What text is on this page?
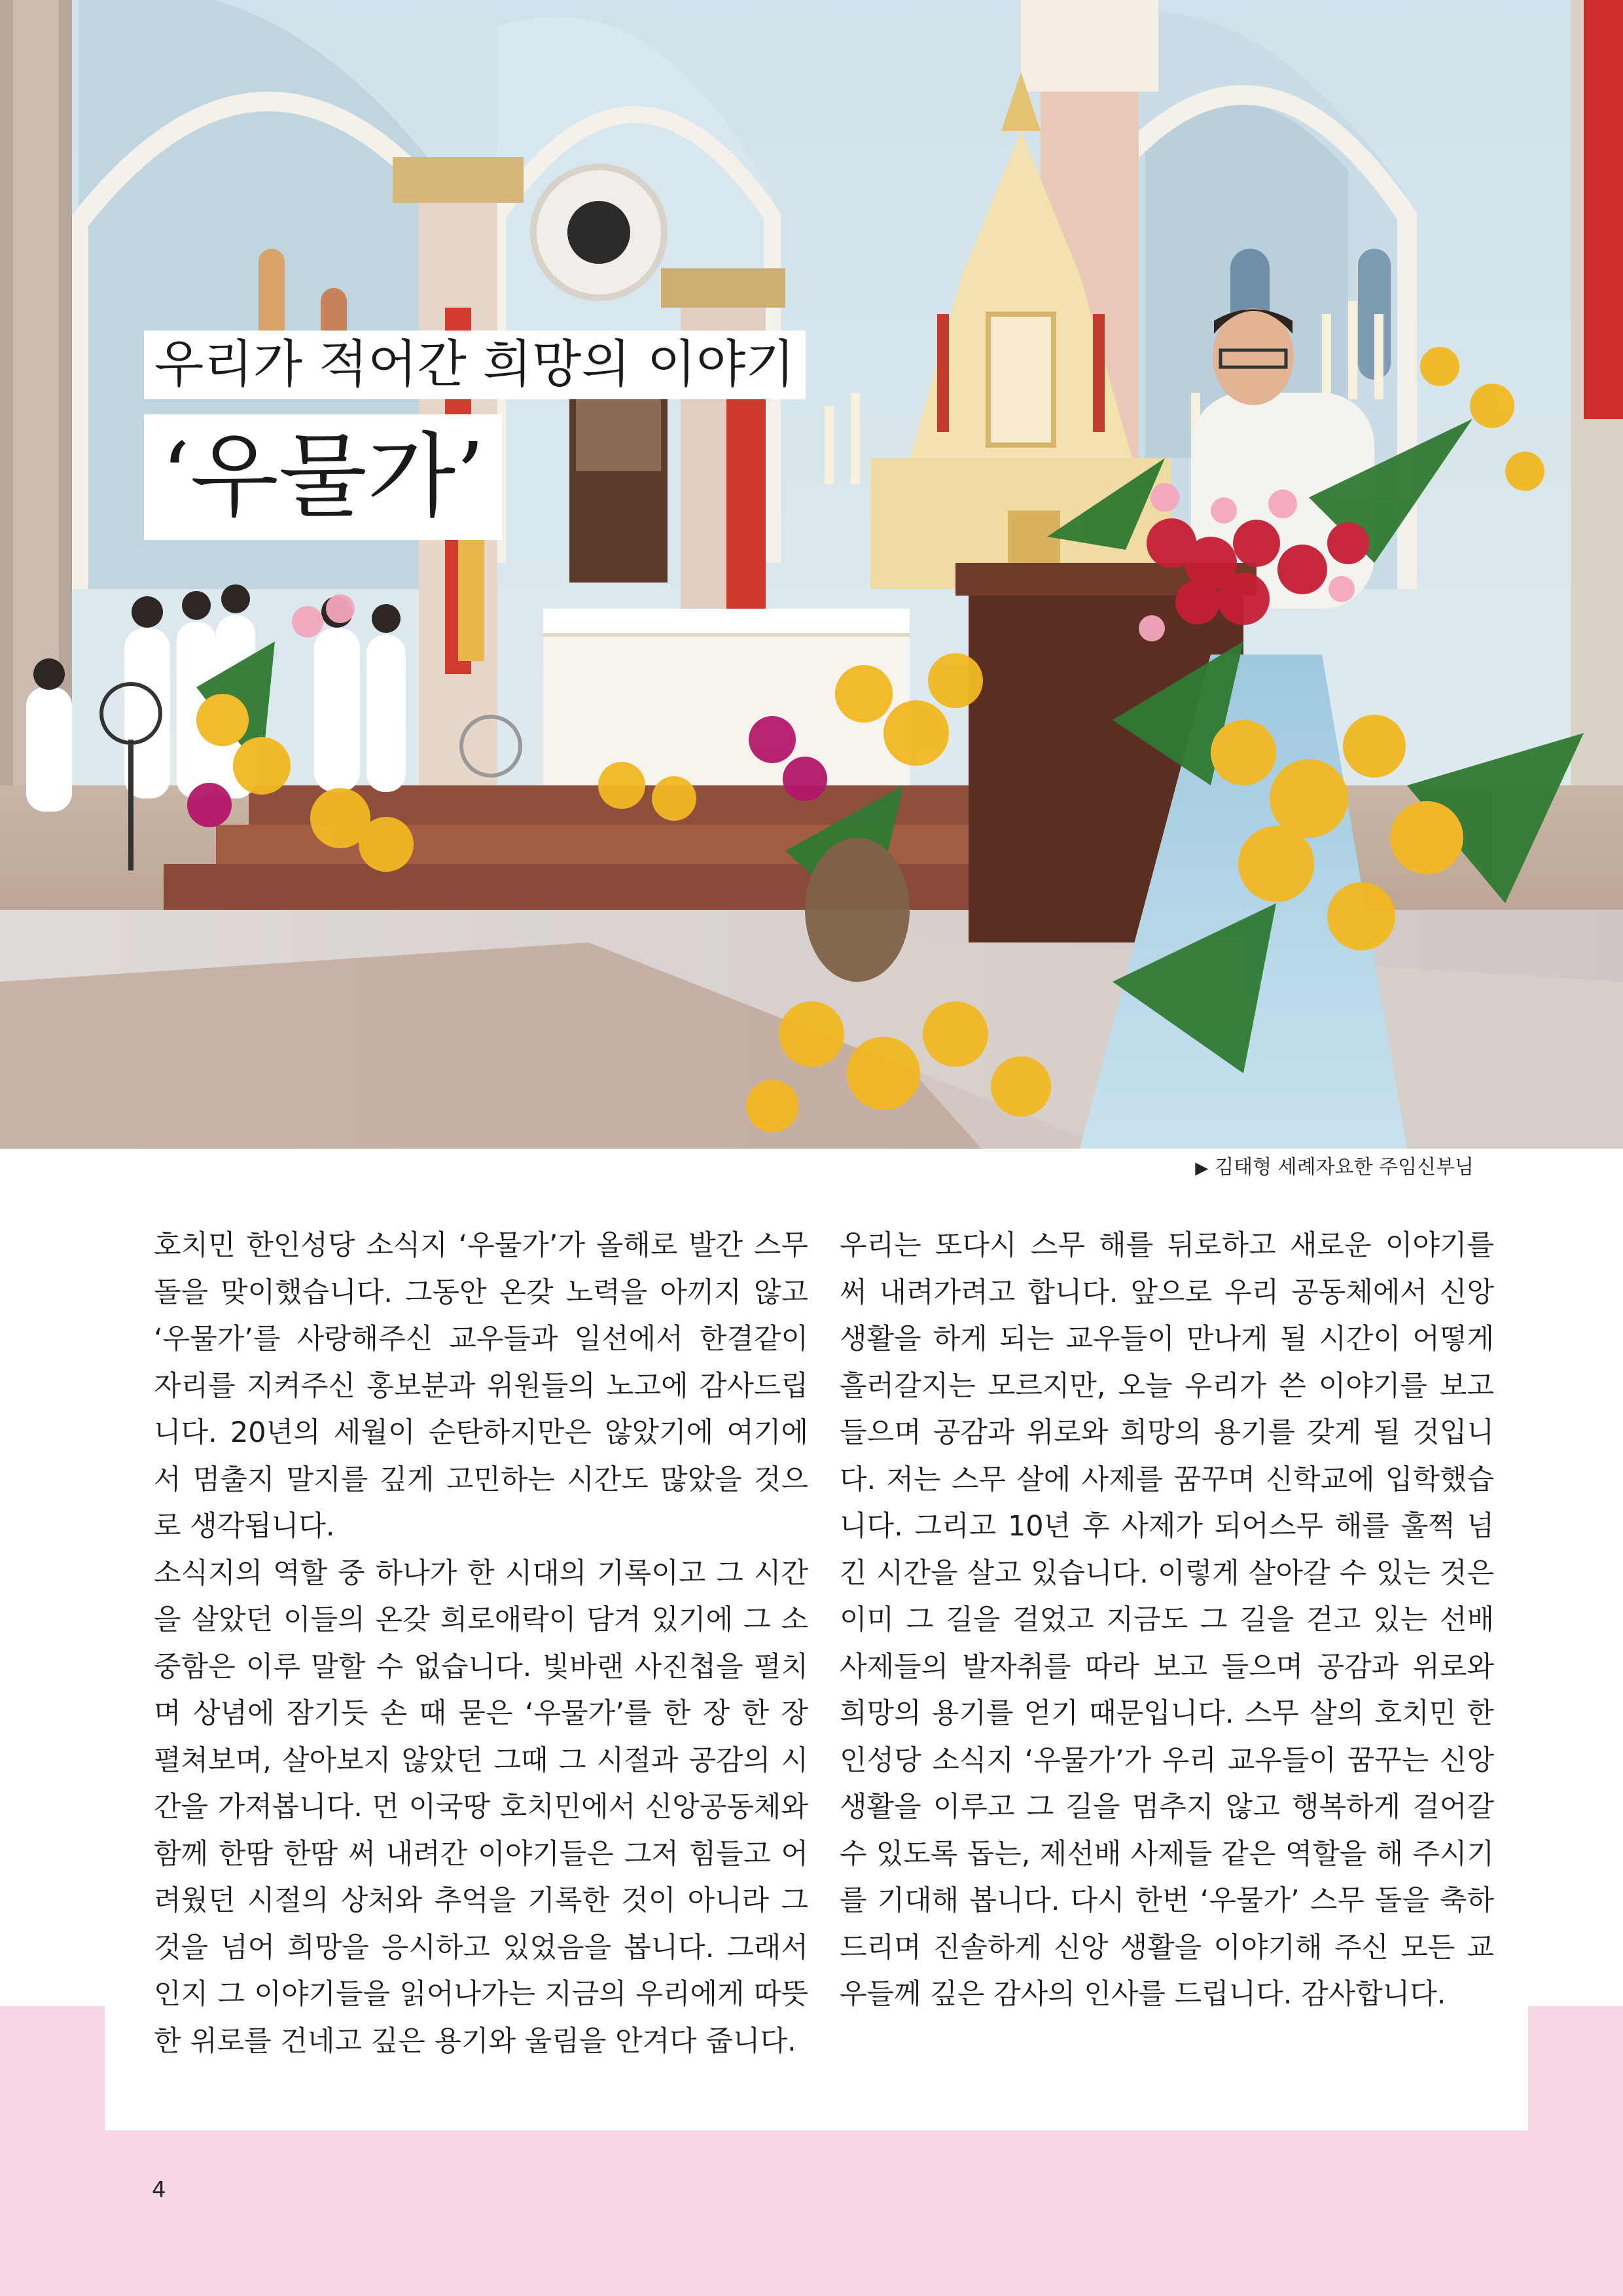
우리가 적어간 희망의 이야기
‘우물가’
▶ 김태형 세례자요한 주임신부님

호치민 한인성당 소식지 ‘우물가’가 올해로 발간 스무 돌을 맞이했습니다. 그동안 온갖 노력을 아끼지 않고 ‘우물가’를 사랑해주신 교우들과 일선에서 한결같이 자리를 지켜주신 홍보분과 위원들의 노고에 감사드립니다. 20년의 세월이 순탄하지만은 않았기에 여기에서 멈출지 말지를 깊게 고민하는 시간도 많았을 것으로 생각됩니다.

소식지의 역할 중 하나가 한 시대의 기록이고 그 시간을 살았던 이들의 온갖 희로애락이 담겨 있기에 그 소중함은 이루 말할 수 없습니다. 빛바랜 사진첩을 펼치며 상념에 잠기듯 손 때 묻은 ‘우물가’를 한 장 한 장 펼쳐보며, 살아보지 않았던 그때 그 시절과 공감의 시간을 가져봅니다. 먼 이국땅 호치민에서 신앙공동체와 함께 한땀 한땀 써 내려간 이야기들은 그저 힘들고 어려웠던 시절의 상처와 추억을 기록한 것이 아니라 그것을 넘어 희망을 응시하고 있었음을 봅니다. 그래서인지 그 이야기들을 읽어나가는 지금의 우리에게 따뜻한 위로를 건네고 깊은 용기와 울림을 안겨다 줍니다.

우리는 또다시 스무 해를 뒤로하고 새로운 이야기를 써 내려가려고 합니다. 앞으로 우리 공동체에서 신앙생활을 하게 되는 교우들이 만나게 될 시간이 어떻게 흘러갈지는 모르지만, 오늘 우리가 쓴 이야기를 보고 들으며 공감과 위로와 희망의 용기를 갖게 될 것입니다. 저는 스무 살에 사제를 꿈꾸며 신학교에 입학했습니다. 그리고 10년 후 사제가 되어스무 해를 훌쩍 넘긴 시간을 살고 있습니다. 이렇게 살아갈 수 있는 것은 이미 그 길을 걸었고 지금도 그 길을 걷고 있는 선배 사제들의 발자취를 따라 보고 들으며 공감과 위로와 희망의 용기를 얻기 때문입니다. 스무 살의 호치민 한인성당 소식지 ‘우물가’가 우리 교우들이 꿈꾸는 신앙생활을 이루고 그 길을 멈추지 않고 행복하게 걸어갈 수 있도록 돕는, 제선배 사제들 같은 역할을 해 주시기를 기대해 봅니다. 다시 한번 ‘우물가’ 스무 돌을 축하드리며 진솔하게 신앙 생활을 이야기해 주신 모든 교우들께 깊은 감사의 인사를 드립니다. 감사합니다.

4
